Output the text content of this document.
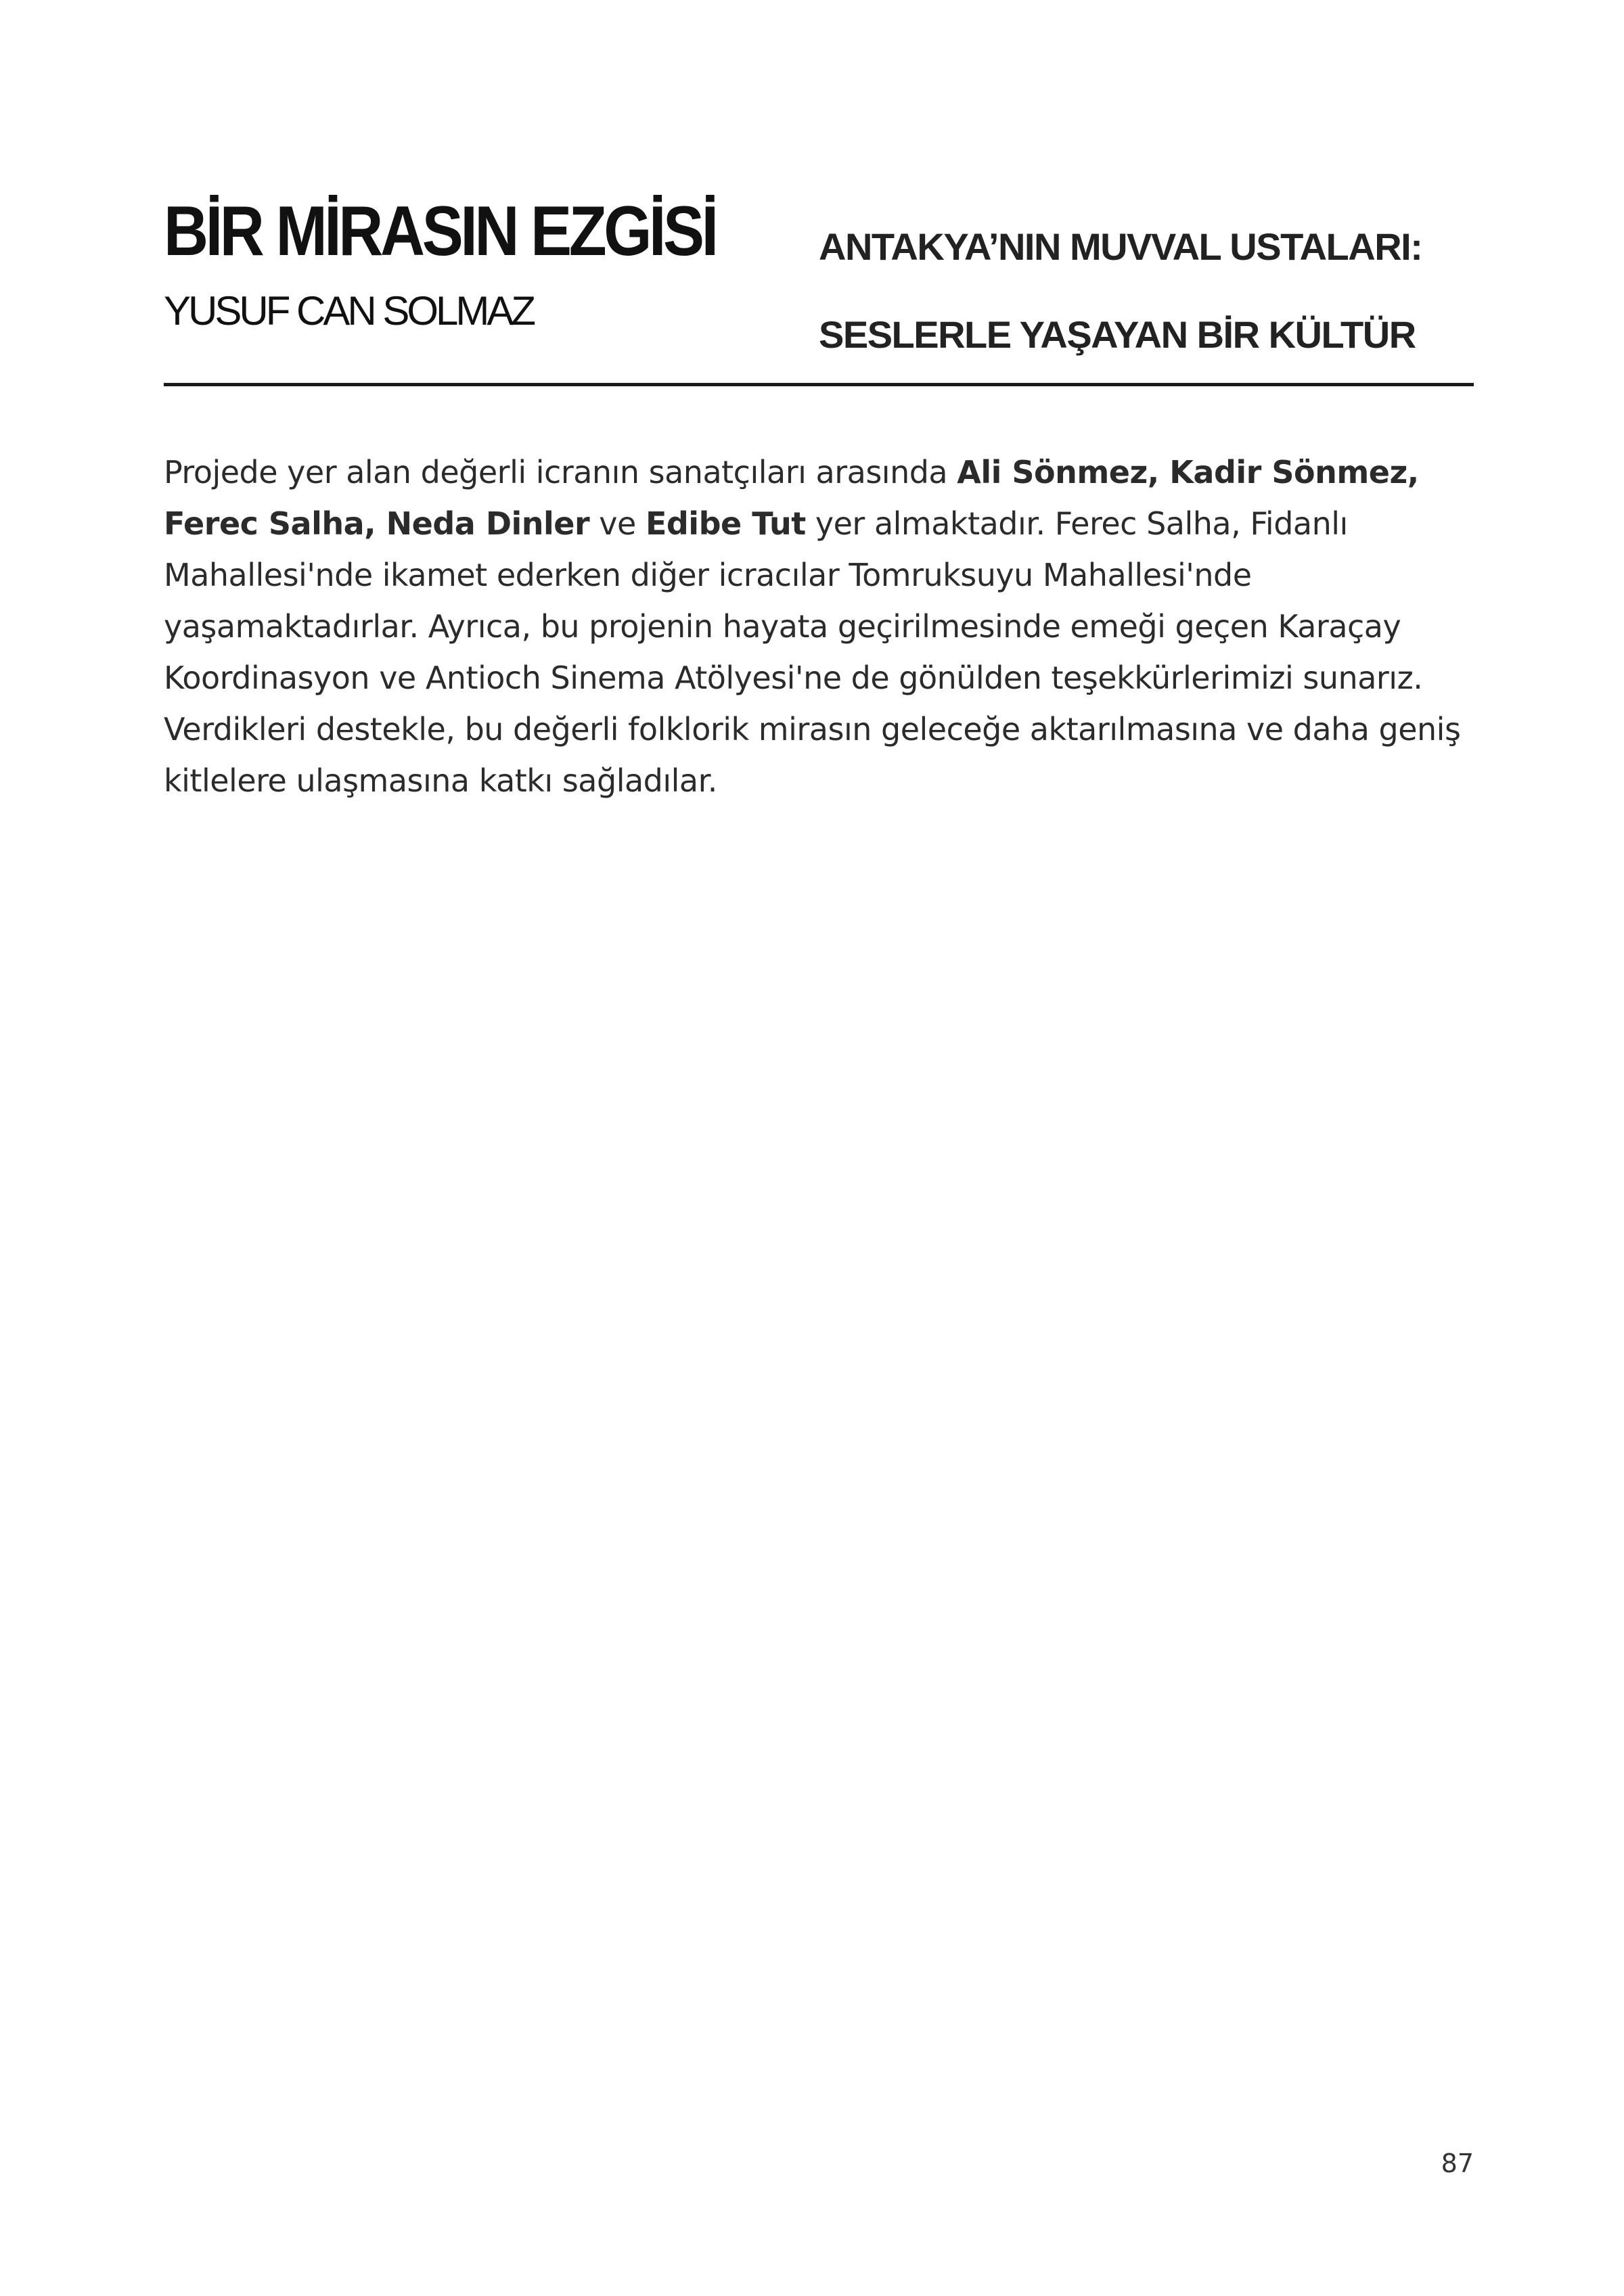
BİR MİRASIN EZGİSİ
YUSUF CAN SOLMAZ
ANTAKYA’NIN MUVVAL USTALARI:
SESLERLE YAŞAYAN BİR KÜLTÜR

Projede yer alan değerli icranın sanatçıları arasında Ali Sönmez, Kadir Sönmez, Ferec Salha, Neda Dinler ve Edibe Tut yer almaktadır. Ferec Salha, Fidanlı Mahallesi'nde ikamet ederken diğer icracılar Tomruksuyu Mahallesi'nde yaşamaktadırlar. Ayrıca, bu projenin hayata geçirilmesinde emeği geçen Karaçay Koordinasyon ve Antioch Sinema Atölyesi'ne de gönülden teşekkürlerimizi sunarız. Verdikleri destekle, bu değerli folklorik mirasın geleceğe aktarılmasına ve daha geniş kitlelere ulaşmasına katkı sağladılar.

87
